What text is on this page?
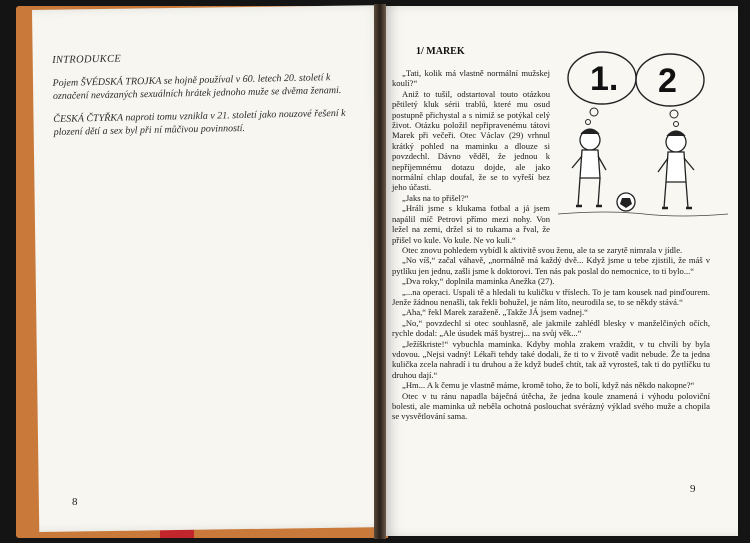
INTRODUKCE

Pojem ŠVÉDSKÁ TROJKA se hojně používal v 60. letech 20. století k označení nevázaných sexuálních hrátek jednoho muže se dvěma ženami.

ČESKÁ ČTYŘKA naproti tomu vznikla v 21. století jako nouzové řešení k plození dětí a sex byl při ní můčivou povinností.

8
1/ MAREK

„Tati, kolik má vlastně normální mužskej koulí?“

Aniž to tušil, odstartoval touto otázkou pětiletý kluk sérii trablů, které mu osud postupně přichystal a s nimiž se potýkal celý život. Otázku položil nepřipravenému tátovi Marek při večeři. Otec Václav (29) vrhnul krátký pohled na maminku a dlouze si povzdechl. Dávno věděl, že jednou k nepříjemnému dotazu dojde, ale jako normální chlap doufal, že se to vyřeší bez jeho účasti.

„Jaks na to přišel?“

„Hráli jsme s klukama fotbal a já jsem napálil míč Petrovi přímo mezi nohy. Von ležel na zemi, držel si to rukama a řval, že přišel vo kule. Vo kule. Ne vo kuli.“

Otec znovu pohledem vybídl k aktivitě svou ženu, ale ta se zarytě nimrala v jídle.

„No víš,“ začal váhavě, „normálně má každý dvě... Když jsme u tebe zjistili, že máš v pytlíku jen jednu, zašli jsme k doktorovi. Ten nás pak poslal do nemocnice, to ti bylo...“

„Dva roky,“ doplnila maminka Anežka (27).

„...na operaci. Uspali tě a hledali tu kuličku v tříslech. To je tam kousek nad pinďourem. Jenže žádnou nenašli, tak řekli bohužel, je nám líto, neurodila se, to se někdy stává.“

„Aha,“ řekl Marek zaraženě. „Takže JÁ jsem vadnej.“

„No,“ povzdechl si otec souhlasně, ale jakmile zahlédl blesky v manželčiných očích, rychle dodal: „Ale úsudek máš bystrej... na svůj věk...“

„Ježíškriste!“ vybuchla maminka. Kdyby mohla zrakem vraždit, v tu chvíli by byla vdovou. „Nejsi vadný! Lékaři tehdy také dodali, že ti to v životě vadit nebude. Že ta jedna kulička zcela nahradí i tu druhou a že když budeš chtít, tak až vyrosteš, tak ti do pytlíčku tu druhou dají.“

„Hm... A k čemu je vlastně máme, kromě toho, že to bolí, když nás někdo nakopne?“

Otec v tu ránu napadla báječná útěcha, že jedna koule znamená i výhodu poloviční bolesti, ale maminka už neběla ochotná poslouchat svérázný výklad svého muže a chopila se vysvětlování sama.

1. 2
9
